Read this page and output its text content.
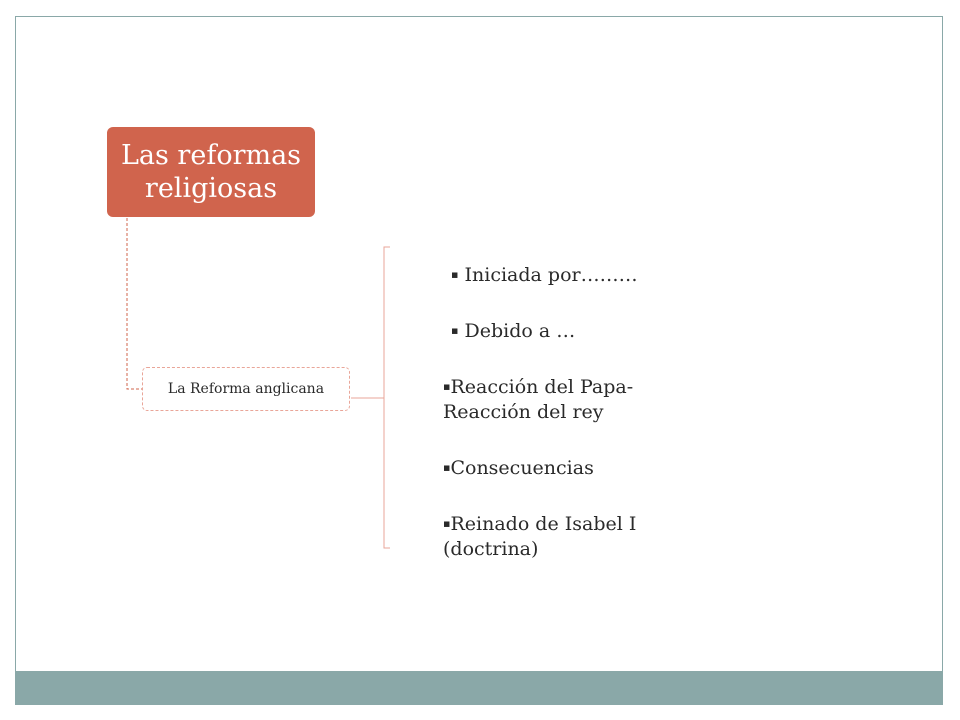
Las reformas
religiosas
La Reforma anglicana
▪ Iniciada por………
▪ Debido a …
▪Reacción del Papa-Reacción del rey
▪Consecuencias
▪Reinado de Isabel I (doctrina)
